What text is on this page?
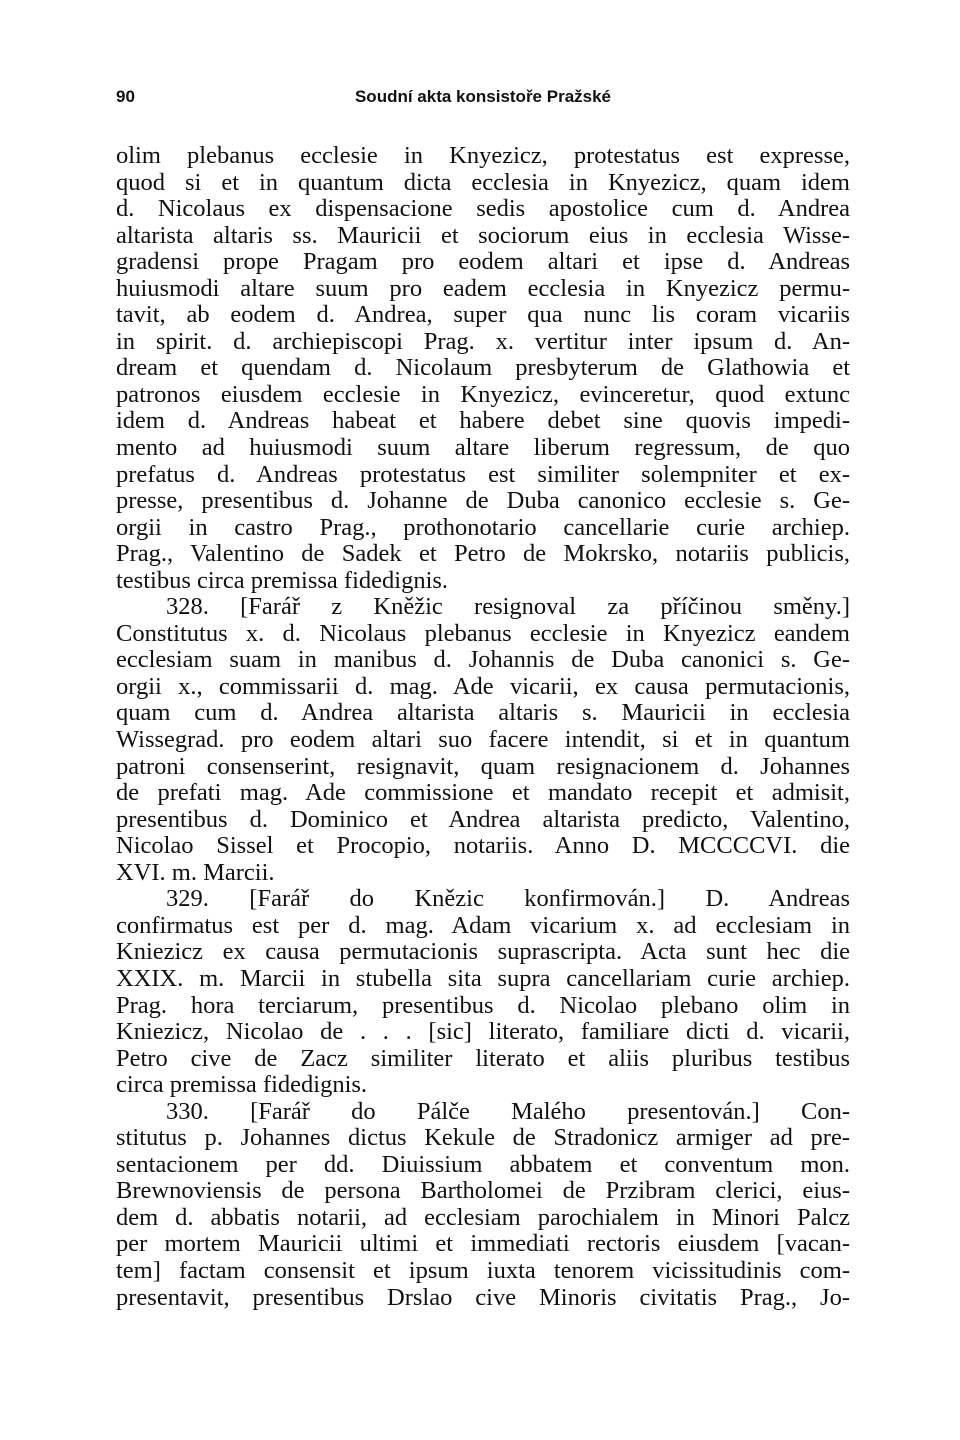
90	Soudní akta konsistoře Pražské
olim plebanus ecclesie in Knyezicz, protestatus est expresse,
quod si et in quantum dicta ecclesia in Knyezicz, quam idem
d. Nicolaus ex dispensacione sedis apostolice cum d. Andrea
altarista altaris ss. Mauricii et sociorum eius in ecclesia Wisse-
gradensi prope Pragam pro eodem altari et ipse d. Andreas
huiusmodi altare suum pro eadem ecclesia in Knyezicz permu-
tavit, ab eodem d. Andrea, super qua nunc lis coram vicariis
in spirit. d. archiepiscopi Prag. x. vertitur inter ipsum d. An-
dream et quendam d. Nicolaum presbyterum de Glathowia et
patronos eiusdem ecclesie in Knyezicz, evinceretur, quod extunc
idem d. Andreas habeat et habere debet sine quovis impedi-
mento ad huiusmodi suum altare liberum regressum, de quo
prefatus d. Andreas protestatus est similiter solempniter et ex-
presse, presentibus d. Johanne de Duba canonico ecclesie s. Ge-
orgii in castro Prag., prothonotario cancellarie curie archiep.
Prag., Valentino de Sadek et Petro de Mokrsko, notariis publicis,
testibus circa premissa fidedignis.
328. [Farář z Kněžic resignoval za příčinou směny.]
Constitutus x. d. Nicolaus plebanus ecclesie in Knyezicz eandem
ecclesiam suam in manibus d. Johannis de Duba canonici s. Ge-
orgii x., commissarii d. mag. Ade vicarii, ex causa permutacionis,
quam cum d. Andrea altarista altaris s. Mauricii in ecclesia
Wissegrad. pro eodem altari suo facere intendit, si et in quantum
patroni consenserint, resignavit, quam resignacionem d. Johannes
de prefati mag. Ade commissione et mandato recepit et admisit,
presentibus d. Dominico et Andrea altarista predicto, Valentino,
Nicolao Sissel et Procopio, notariis. Anno D. MCCCCVI. die
XVI. m. Marcii.
329. [Farář do Knězic konfirmován.] D. Andreas
confirmatus est per d. mag. Adam vicarium x. ad ecclesiam in
Kniezicz ex causa permutacionis suprascripta. Acta sunt hec die
XXIX. m. Marcii in stubella sita supra cancellariam curie archiep.
Prag. hora terciarum, presentibus d. Nicolao plebano olim in
Kniezicz, Nicolao de . . . [sic] literato, familiare dicti d. vicarii,
Petro cive de Zacz similiter literato et aliis pluribus testibus
circa premissa fidedignis.
330. [Farář do Pálče Malého presentován.] Con-
stitutus p. Johannes dictus Kekule de Stradonicz armiger ad pre-
sentacionem per dd. Diuissium abbatem et conventum mon.
Brewnoviensis de persona Bartholomei de Przibram clerici, eius-
dem d. abbatis notarii, ad ecclesiam parochialem in Minori Palcz
per mortem Mauricii ultimi et immediati rectoris eiusdem [vacan-
tem] factam consensit et ipsum iuxta tenorem vicissitudinis com-
presentavit, presentibus Drslao cive Minoris civitatis Prag., Jo-
